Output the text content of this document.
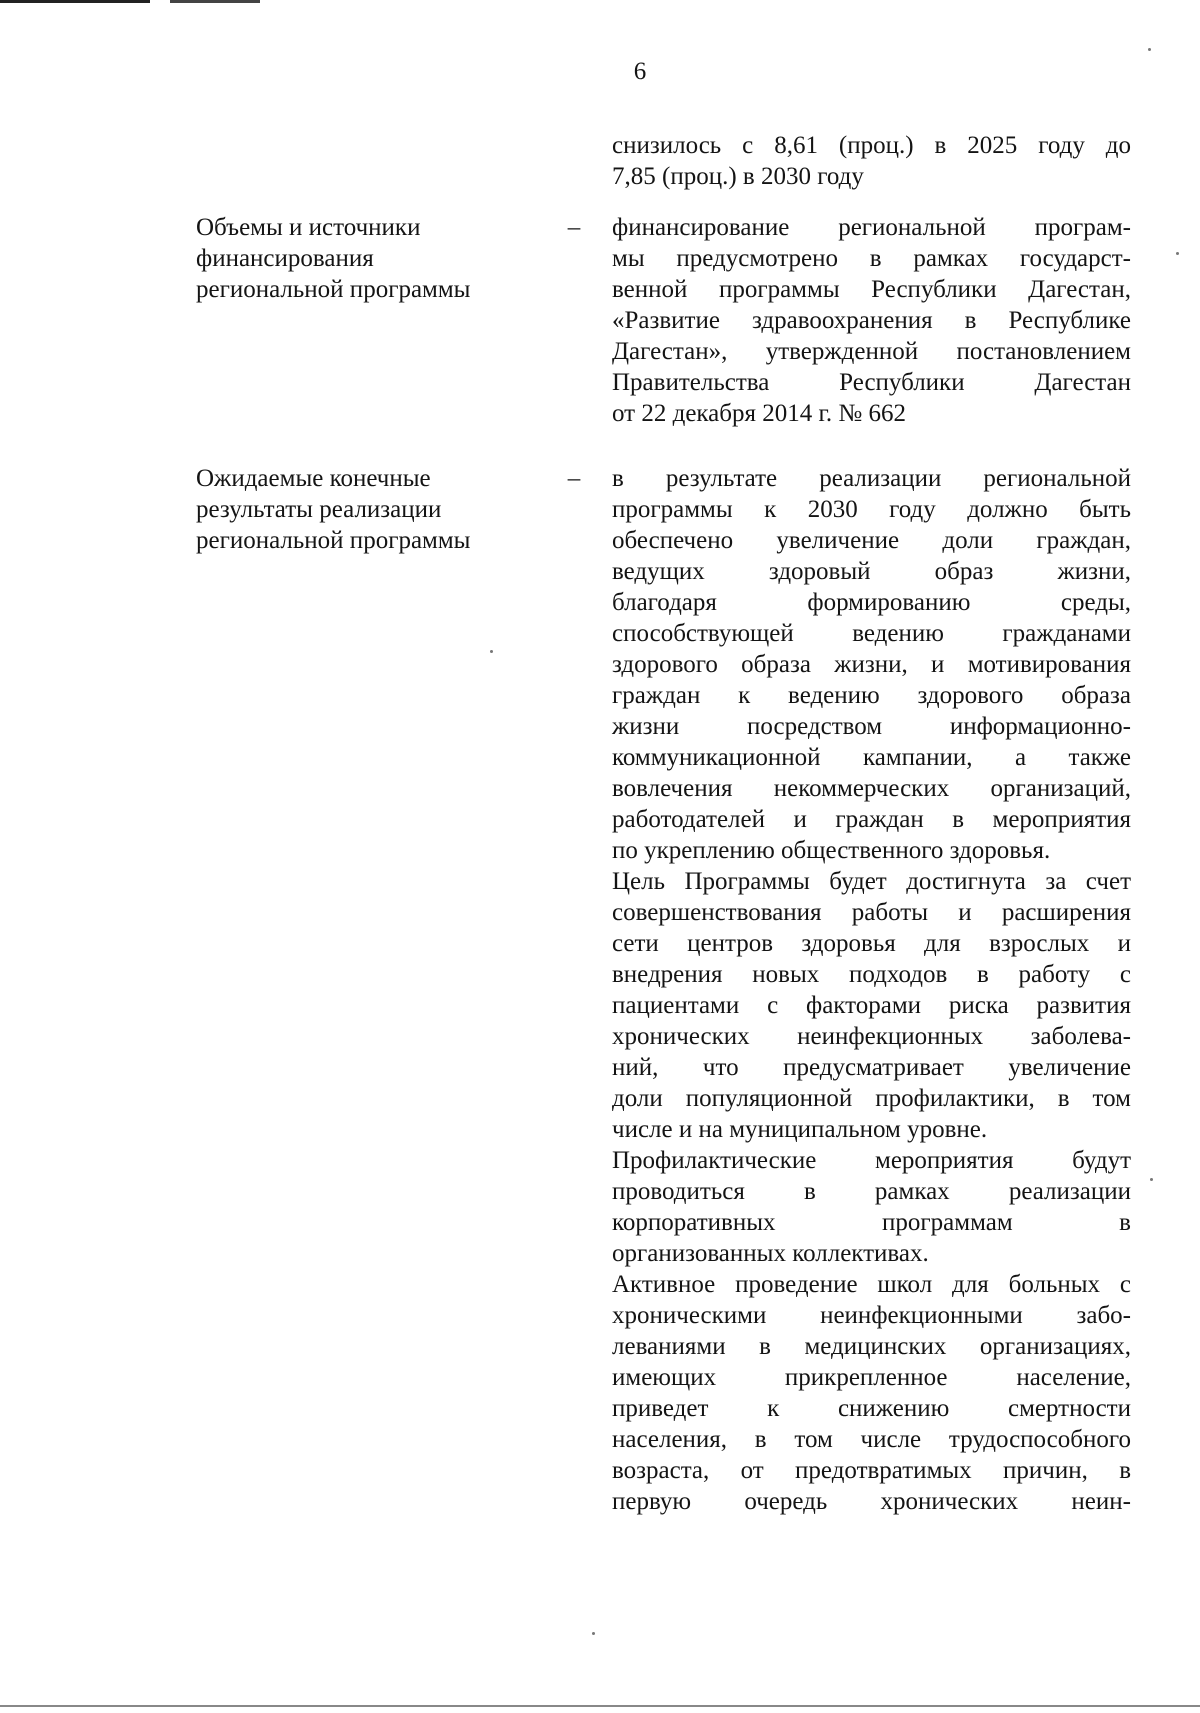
6
снизилось с 8,61 (проц.) в 2025 году до
7,85 (проц.) в 2030 году
Объемы и источники
финансирования
региональной программы
– финансирование региональной програм-
мы предусмотрено в рамках государст-
венной программы Республики Дагестан,
«Развитие здравоохранения в Республике
Дагестан», утвержденной постановлением
Правительства Республики Дагестан
от 22 декабря 2014 г. № 662
Ожидаемые конечные
результаты реализации
региональной программы
– в результате реализации региональной
программы к 2030 году должно быть
обеспечено увеличение доли граждан,
ведущих здоровый образ жизни,
благодаря формированию среды,
способствующей ведению гражданами
здорового образа жизни, и мотивирования
граждан к ведению здорового образа
жизни посредством информационно-
коммуникационной кампании, а также
вовлечения некоммерческих организаций,
работодателей и граждан в мероприятия
по укреплению общественного здоровья.
Цель Программы будет достигнута за счет
совершенствования работы и расширения
сети центров здоровья для взрослых и
внедрения новых подходов в работу с
пациентами с факторами риска развития
хронических неинфекционных заболева-
ний, что предусматривает увеличение
доли популяционной профилактики, в том
числе и на муниципальном уровне.
Профилактические мероприятия будут
проводиться в рамках реализации
корпоративных программам в
организованных коллективах.
Активное проведение школ для больных с
хроническими неинфекционными забо-
леваниями в медицинских организациях,
имеющих прикрепленное население,
приведет к снижению смертности
населения, в том числе трудоспособного
возраста, от предотвратимых причин, в
первую очередь хронических неин-
